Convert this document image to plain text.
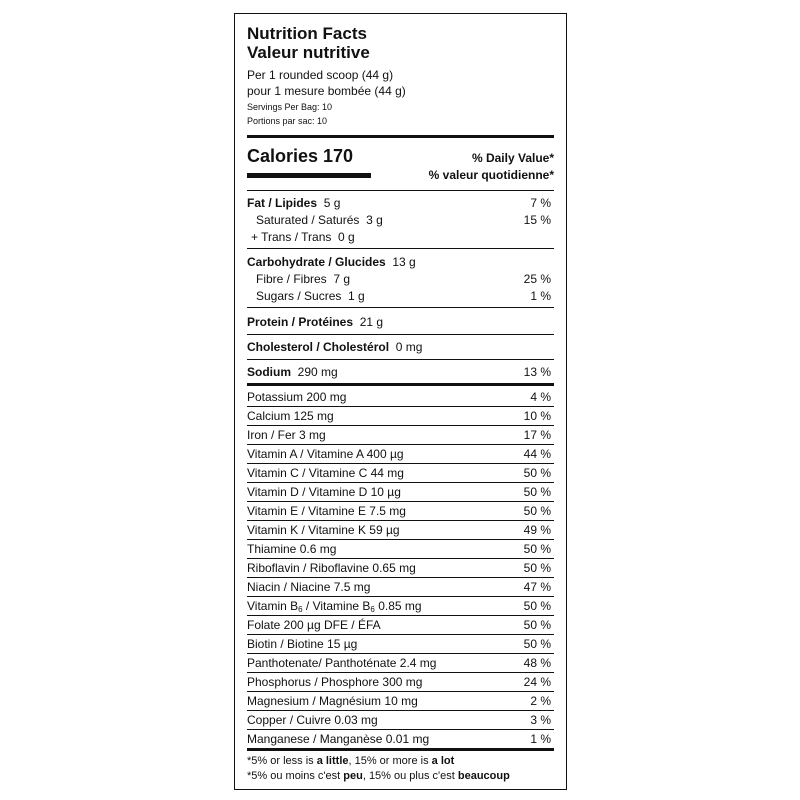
Nutrition Facts
Valeur nutritive
Per 1 rounded scoop (44 g)
pour 1 mesure bombée (44 g)
Servings Per Bag: 10
Portions par sac: 10
Calories 170	% Daily Value*
% valeur quotidienne*
Fat / Lipides 5 g	7 %
Saturated / Saturés 3 g	15 %
+ Trans / Trans 0 g
Carbohydrate / Glucides 13 g
Fibre / Fibres 7 g	25 %
Sugars / Sucres 1 g	1 %
Protein / Protéines 21 g
Cholesterol / Cholestérol 0 mg
Sodium 290 mg	13 %
Potassium 200 mg	4 %
Calcium 125 mg	10 %
Iron / Fer 3 mg	17 %
Vitamin A / Vitamine A 400 µg	44 %
Vitamin C / Vitamine C 44 mg	50 %
Vitamin D / Vitamine D 10 µg	50 %
Vitamin E / Vitamine E 7.5 mg	50 %
Vitamin K / Vitamine K 59 µg	49 %
Thiamine 0.6 mg	50 %
Riboflavin / Riboflavine 0.65 mg	50 %
Niacin / Niacine 7.5 mg	47 %
Vitamin $B_6$ / Vitamine $B_6$ 0.85 mg	50 %
Folate 200 µg DFE / ÉFA	50 %
Biotin / Biotine 15 µg	50 %
Panthotenate/ Panthoténate 2.4 mg	48 %
Phosphorus / Phosphore 300 mg	24 %
Magnesium / Magnésium 10 mg	2 %
Copper / Cuivre 0.03 mg	3 %
Manganese / Manganèse 0.01 mg	1 %
*5% or less is a little, 15% or more is a lot
*5% ou moins c'est peu, 15% ou plus c'est beaucoup
